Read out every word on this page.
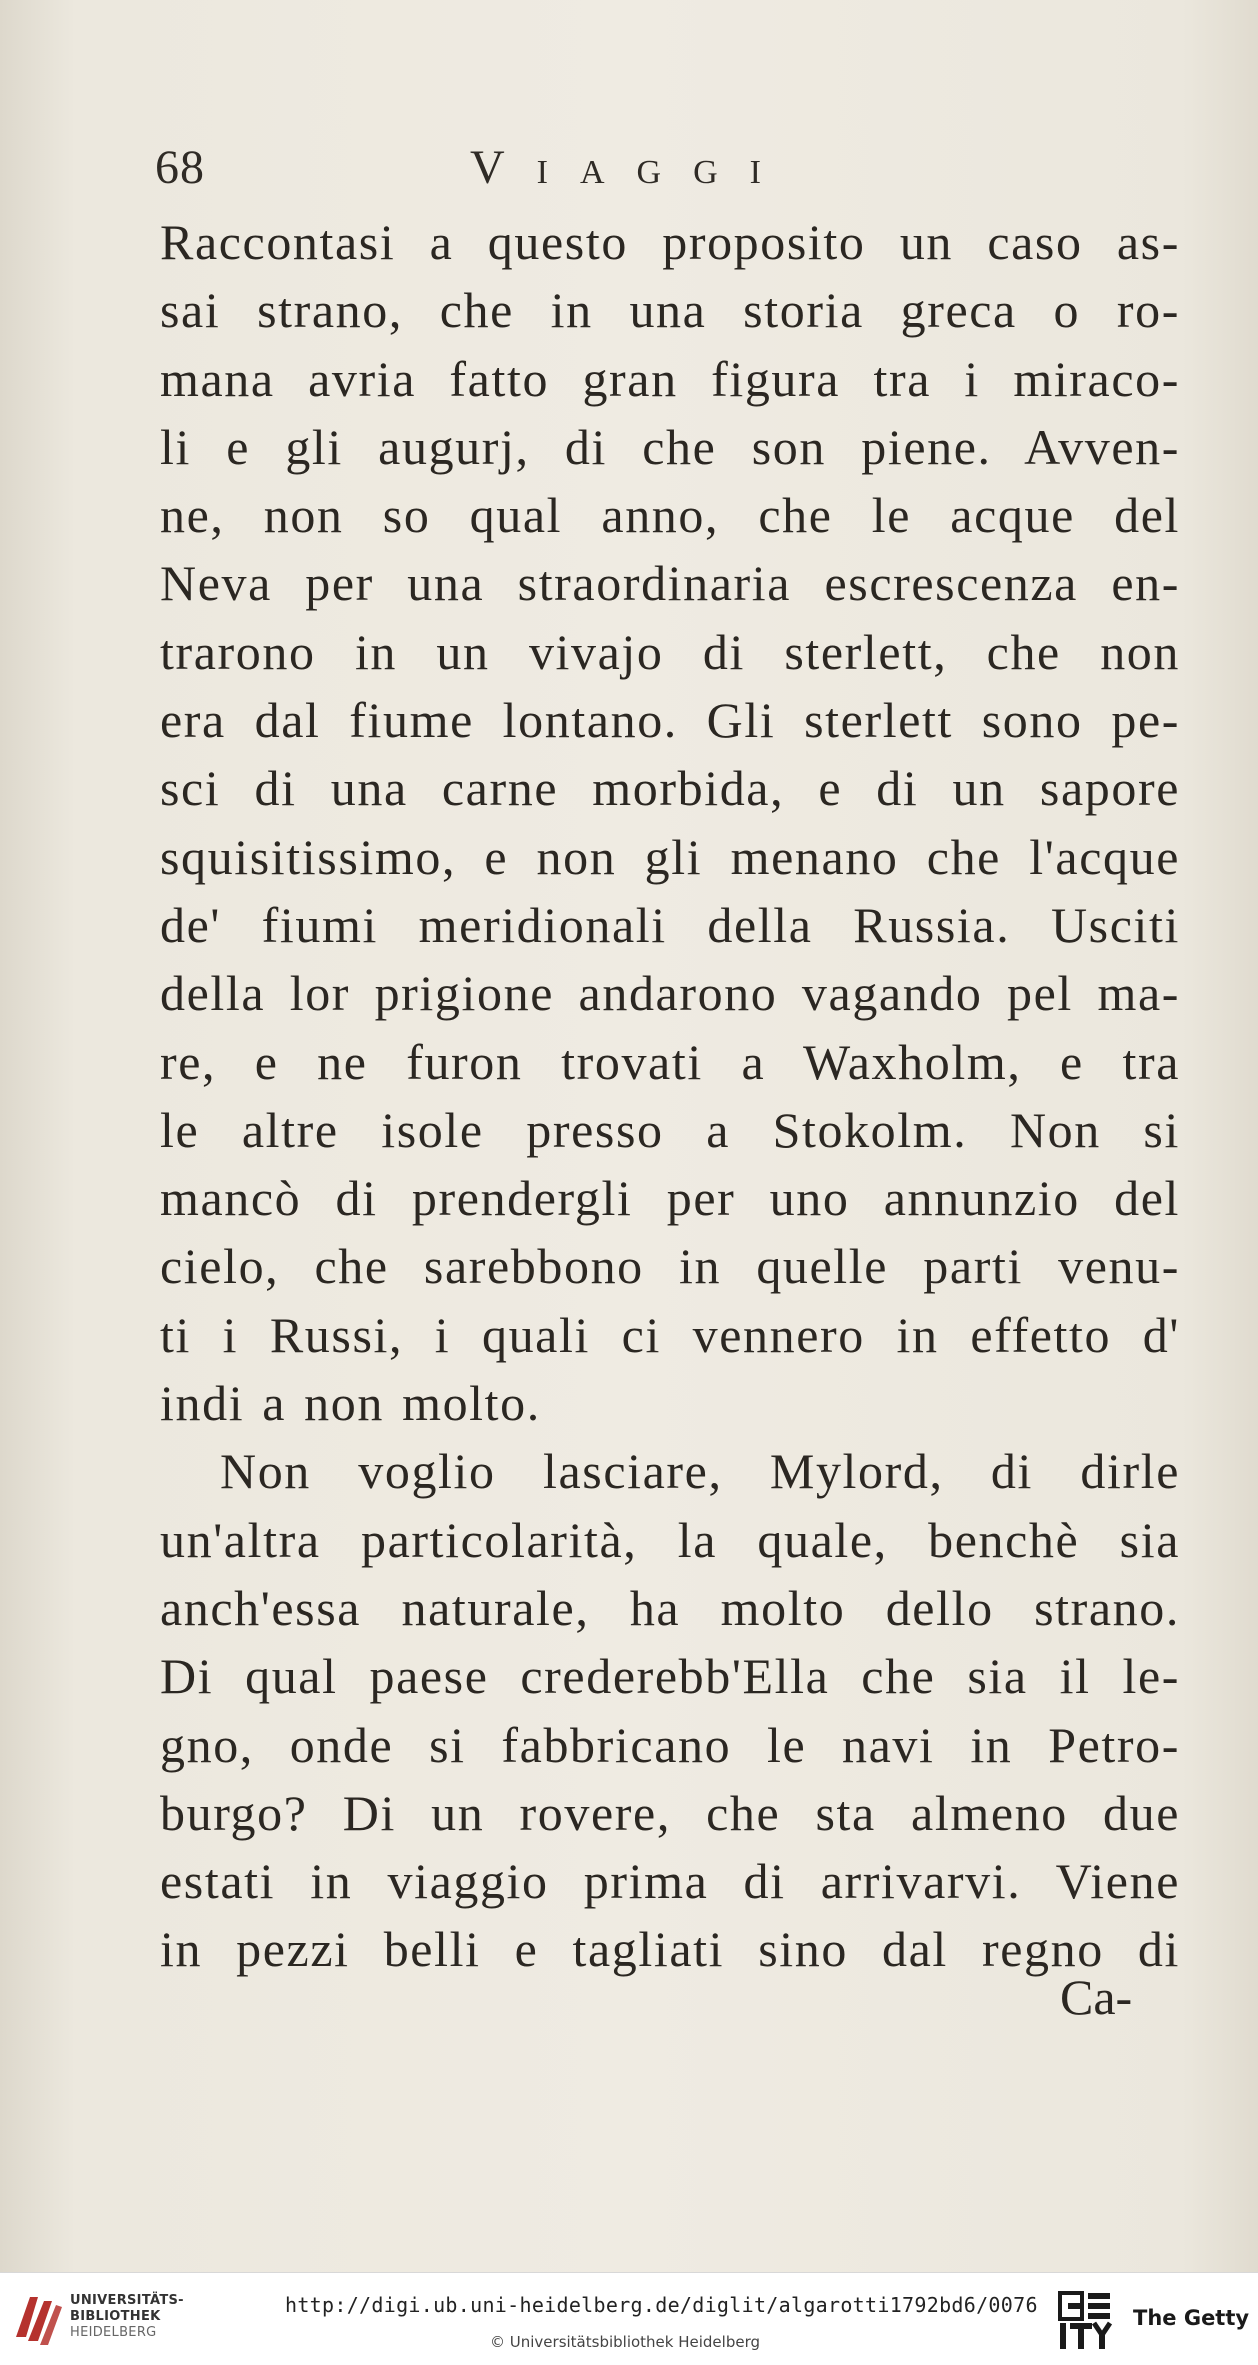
68	Viaggi
Raccontasi a questo proposito un caso as-
sai strano, che in una storia greca o ro-
mana avria fatto gran figura tra i miraco-
li e gli augurj, di che son piene. Avven-
ne, non so qual anno, che le acque del
Neva per una straordinaria escrescenza en-
trarono in un vivajo di sterlett, che non
era dal fiume lontano. Gli sterlett sono pe-
sci di una carne morbida, e di un sapore
squisitissimo, e non gli menano che l'acque
de' fiumi meridionali della Russia. Usciti
della lor prigione andarono vagando pel ma-
re, e ne furon trovati a Waxholm, e tra
le altre isole presso a Stokolm. Non si
mancò di prendergli per uno annunzio del
cielo, che sarebbono in quelle parti venu-
ti i Russi, i quali ci vennero in effetto d'
indi a non molto.
Non voglio lasciare, Mylord, di dirle
un'altra particolarità, la quale, benchè sia
anch'essa naturale, ha molto dello strano.
Di qual paese crederebb'Ella che sia il le-
gno, onde si fabbricano le navi in Petro-
burgo? Di un rovere, che sta almeno due
estati in viaggio prima di arrivarvi. Viene
in pezzi belli e tagliati sino dal regno di
Ca-
UNIVERSITÄTS-
BIBLIOTHEK
HEIDELBERG
http://digi.ub.uni-heidelberg.de/diglit/algarotti1792bd6/0076
© Universitätsbibliothek Heidelberg
The Getty
